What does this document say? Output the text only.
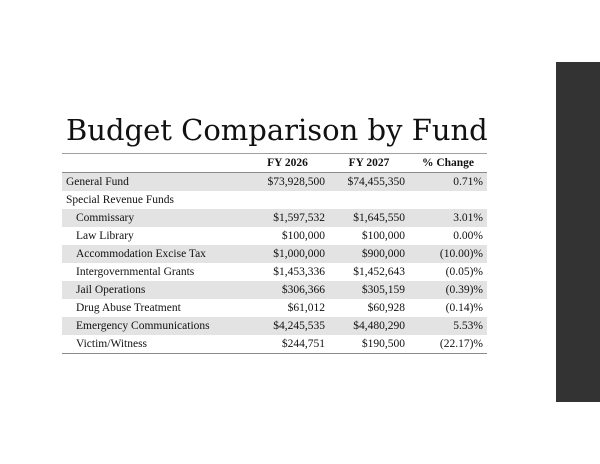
Budget Comparison by Fund
	FY 2026	FY 2027	% Change
General Fund	$73,928,500	$74,455,350	0.71%
Special Revenue Funds			
Commissary	$1,597,532	$1,645,550	3.01%
Law Library	$100,000	$100,000	0.00%
Accommodation Excise Tax	$1,000,000	$900,000	(10.00)%
Intergovernmental Grants	$1,453,336	$1,452,643	(0.05)%
Jail Operations	$306,366	$305,159	(0.39)%
Drug Abuse Treatment	$61,012	$60,928	(0.14)%
Emergency Communications	$4,245,535	$4,480,290	5.53%
Victim/Witness	$244,751	$190,500	(22.17)%
